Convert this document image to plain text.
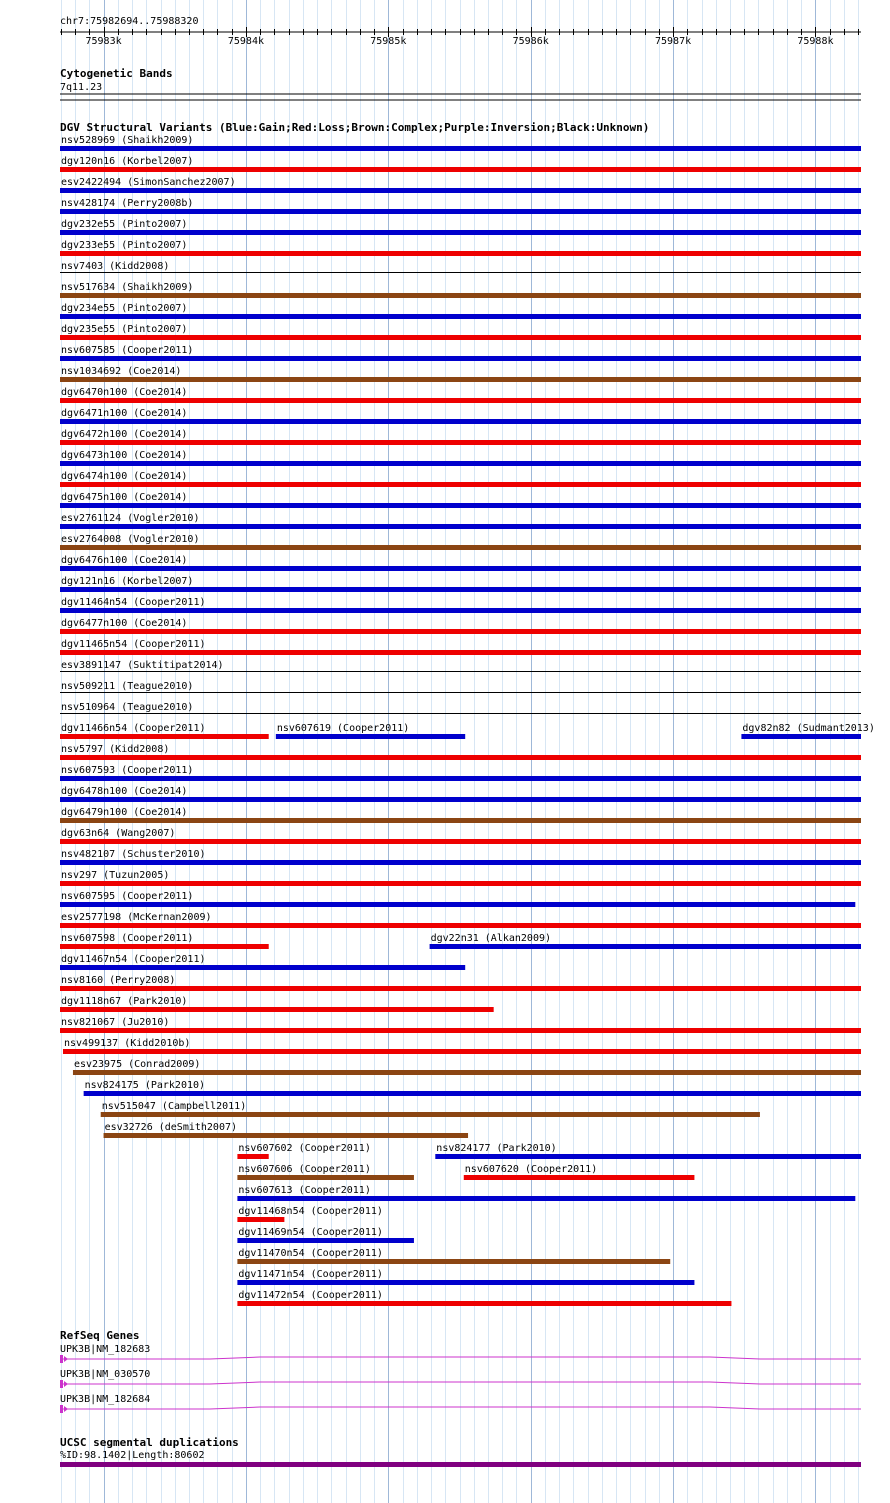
chr7:75982694..75988320
75983k	75984k	75985k	75986k	75987k	75988k
Cytogenetic Bands
7q11.23
DGV Structural Variants (Blue:Gain;Red:Loss;Brown:Complex;Purple:Inversion;Black:Unknown)
nsv528969 (Shaikh2009)
dgv120n16 (Korbel2007)
esv2422494 (SimonSanchez2007)
nsv428174 (Perry2008b)
dgv232e55 (Pinto2007)
dgv233e55 (Pinto2007)
nsv7403 (Kidd2008)
nsv517634 (Shaikh2009)
dgv234e55 (Pinto2007)
dgv235e55 (Pinto2007)
nsv607585 (Cooper2011)
nsv1034692 (Coe2014)
dgv6470n100 (Coe2014)
dgv6471n100 (Coe2014)
dgv6472n100 (Coe2014)
dgv6473n100 (Coe2014)
dgv6474n100 (Coe2014)
dgv6475n100 (Coe2014)
esv2761124 (Vogler2010)
esv2764008 (Vogler2010)
dgv6476n100 (Coe2014)
dgv121n16 (Korbel2007)
dgv11464n54 (Cooper2011)
dgv6477n100 (Coe2014)
dgv11465n54 (Cooper2011)
esv3891147 (Suktitipat2014)
nsv509211 (Teague2010)
nsv510964 (Teague2010)
dgv11466n54 (Cooper2011)	nsv607619 (Cooper2011)	dgv82n82 (Sudmant2013)
nsv5797 (Kidd2008)
nsv607593 (Cooper2011)
dgv6478n100 (Coe2014)
dgv6479n100 (Coe2014)
dgv63n64 (Wang2007)
nsv482107 (Schuster2010)
nsv297 (Tuzun2005)
nsv607595 (Cooper2011)
esv2577198 (McKernan2009)
nsv607598 (Cooper2011)	dgv22n31 (Alkan2009)
dgv11467n54 (Cooper2011)
nsv8160 (Perry2008)
dgv1118n67 (Park2010)
nsv821067 (Ju2010)
nsv499137 (Kidd2010b)
esv23975 (Conrad2009)
nsv824175 (Park2010)
nsv515047 (Campbell2011)
esv32726 (deSmith2007)
nsv607602 (Cooper2011)	nsv824177 (Park2010)
nsv607606 (Cooper2011)	nsv607620 (Cooper2011)
nsv607613 (Cooper2011)
dgv11468n54 (Cooper2011)
dgv11469n54 (Cooper2011)
dgv11470n54 (Cooper2011)
dgv11471n54 (Cooper2011)
dgv11472n54 (Cooper2011)
RefSeq Genes
UPK3B|NM_182683
UPK3B|NM_030570
UPK3B|NM_182684
UCSC segmental duplications
%ID:98.1402|Length:80602
